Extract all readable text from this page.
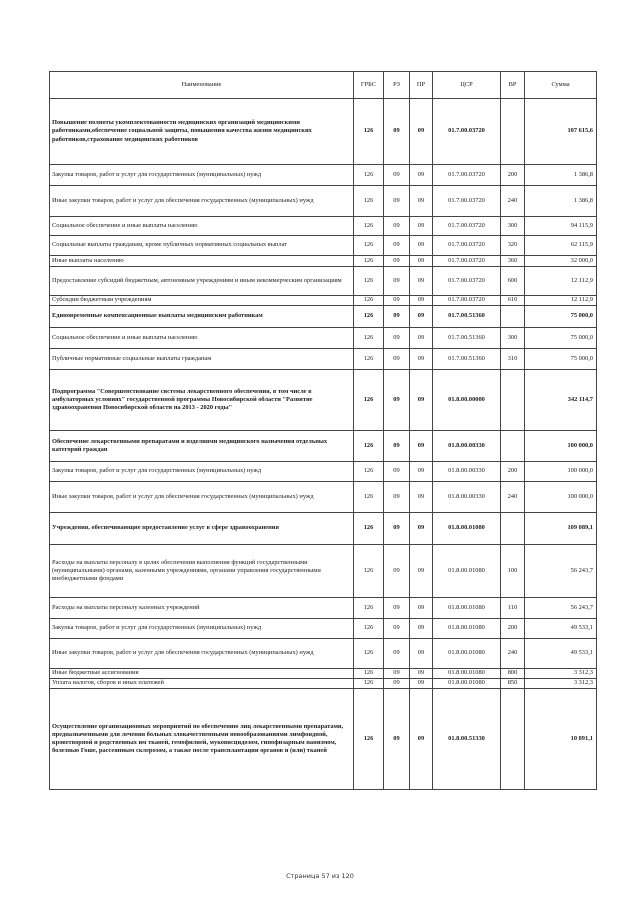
Наименование	ГРБС	РЗ	ПР	ЦСР	ВР	Сумма
Повышение полноты укомплектованности медицинских организаций медицинскими работниками,обеспечение социальной защиты, повышения качества жизни медицинских работников,страхование медицинских работников	126	09	09	01.7.00.03720		107 615,6
Закупка товаров, работ и услуг для государственных (муниципальных) нужд	126	09	09	01.7.00.03720	200	1 386,8
Иные закупки товаров, работ и услуг для обеспечения государственных (муниципальных) нужд	126	09	09	01.7.00.03720	240	1 386,8
Социальное обеспечение и иные выплаты населению	126	09	09	01.7.00.03720	300	94 115,9
Социальные выплаты гражданам, кроме публичных нормативных социальных выплат	126	09	09	01.7.00.03720	320	62 115,9
Иные выплаты населению	126	09	09	01.7.00.03720	360	32 000,0
Предоставление субсидий бюджетным, автономным учреждениям и иным некоммерческим организациям	126	09	09	01.7.00.03720	600	12 112,9
Субсидии бюджетным учреждениям	126	09	09	01.7.00.03720	610	12 112,9
Единовременные компенсационные выплаты медицинским работникам	126	09	09	01.7.00.51360		75 000,0
Социальное обеспечение и иные выплаты населению	126	09	09	01.7.00.51360	300	75 000,0
Публичные нормативные социальные выплаты гражданам	126	09	09	01.7.00.51360	310	75 000,0
Подпрограмма "Совершенствование системы лекарственного обеспечения, в том числе в амбулаторных условиях" государственной программы Новосибирской области "Развитие здравоохранения Новосибирской области на 2013 - 2020 годы"	126	09	09	01.8.00.00000		342 114,7
Обеспечение лекарственными препаратами и изделиями медицинского назначения отдельных категорий граждан	126	09	09	01.8.00.00330		100 000,0
Закупка товаров, работ и услуг для государственных (муниципальных) нужд	126	09	09	01.8.00.00330	200	100 000,0
Иные закупки товаров, работ и услуг для обеспечения государственных (муниципальных) нужд	126	09	09	01.8.00.00330	240	100 000,0
Учреждения, обеспечивающие предоставление услуг в сфере здравоохранения	126	09	09	01.8.00.01080		109 089,1
Расходы на выплаты персоналу в целях обеспечения выполнения функций государственными (муниципальными) органами, казенными учреждениями, органами управления государственными внебюджетными фондами	126	09	09	01.8.00.01080	100	56 243,7
Расходы на выплаты персоналу казенных учреждений	126	09	09	01.8.00.01080	110	56 243,7
Закупка товаров, работ и услуг для государственных (муниципальных) нужд	126	09	09	01.8.00.01080	200	49 533,1
Иные закупки товаров, работ и услуг для обеспечения государственных (муниципальных) нужд	126	09	09	01.8.00.01080	240	49 533,1
Иные бюджетные ассигнования	126	09	09	01.8.00.01080	800	3 312,3
Уплата налогов, сборов и иных платежей	126	09	09	01.8.00.01080	850	3 312,3
Осуществление организационных мероприятий по обеспечению лиц лекарственными препаратами, предназначенными для лечения больных злокачественными новообразованиями лимфоидной, кроветворной и родственных им тканей, гемофилией, муковисцидозом, гипофизарным нанизмом, болезнью Гоше, рассеянным склерозом, а также после трансплантации органов и (или) тканей	126	09	09	01.8.00.51330		10 891,1
Страница 57 из 120
